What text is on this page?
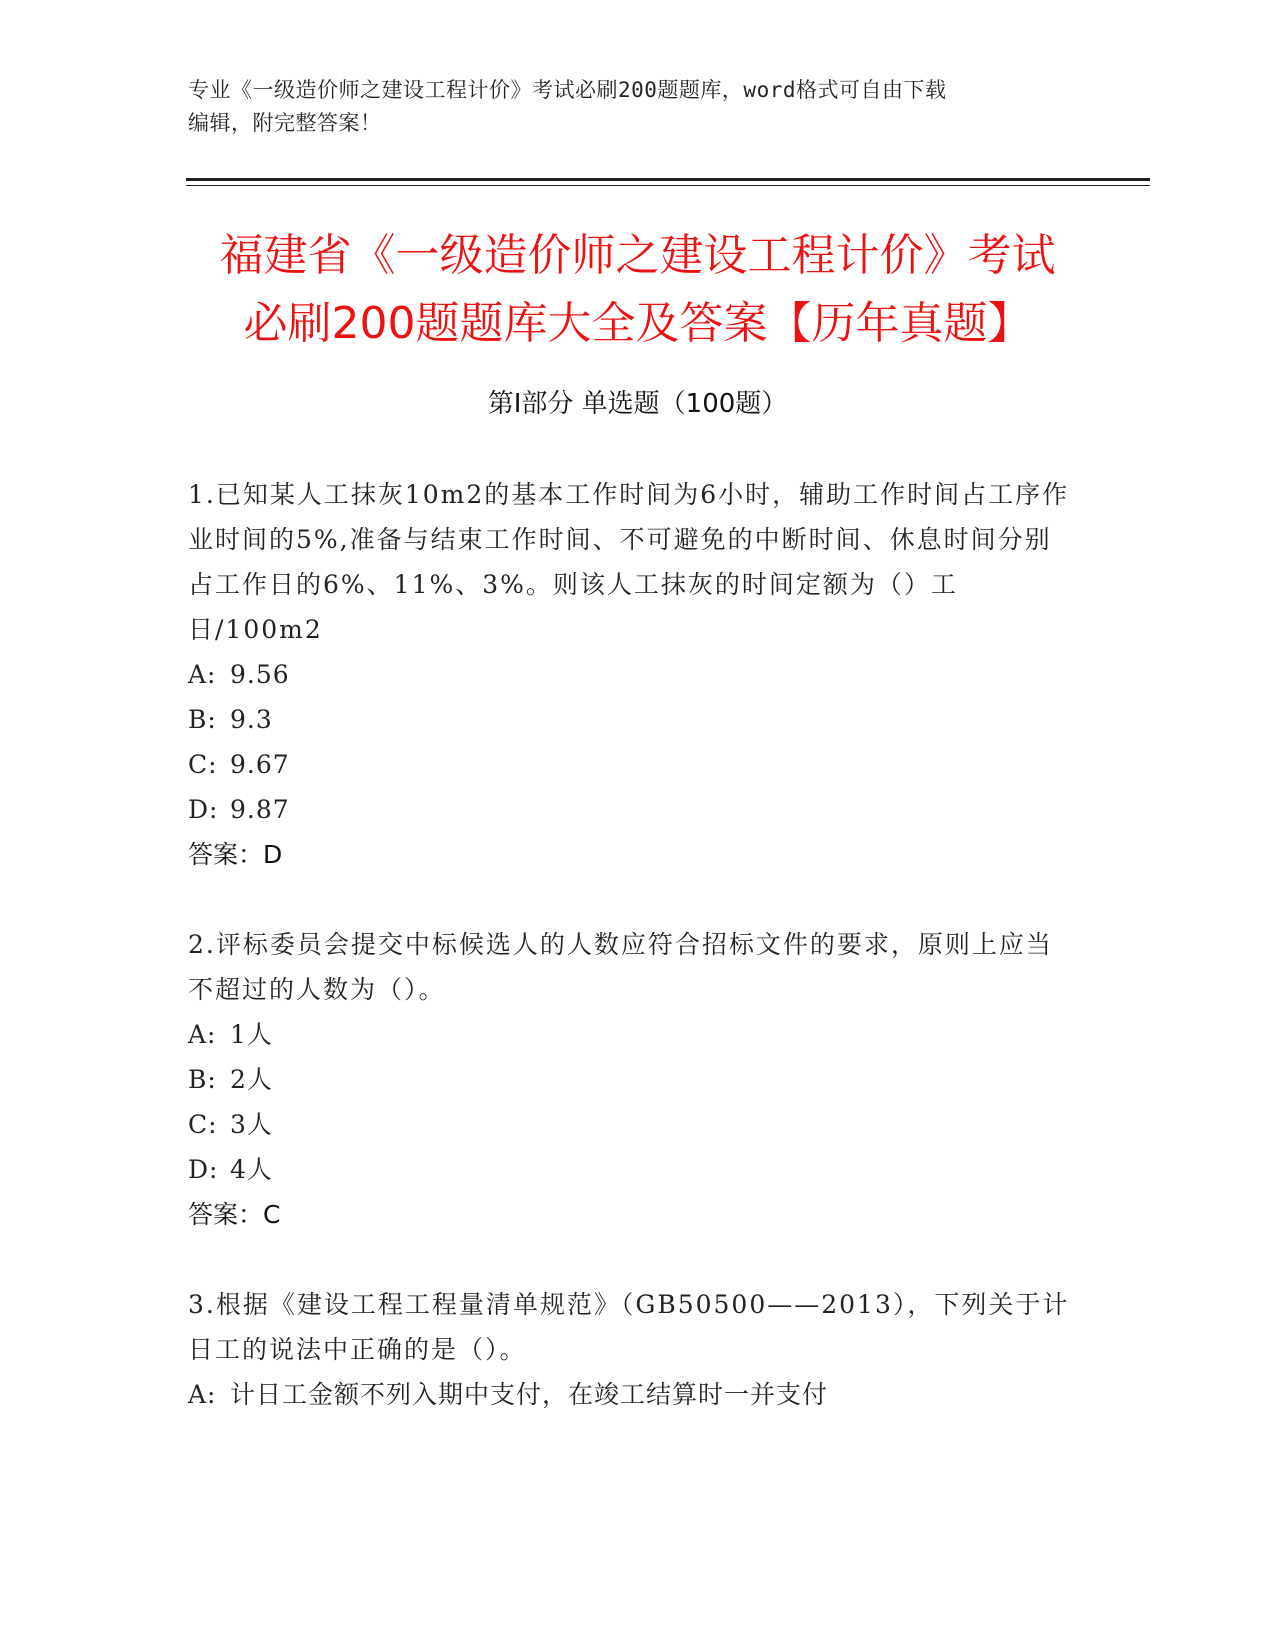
专业《一级造价师之建设工程计价》考试必刷200题题库，word格式可自由下载
编辑，附完整答案！
福建省《一级造价师之建设工程计价》考试
必刷200题题库大全及答案【历年真题】
第Ⅰ部分 单选题（100题）

1.已知某人工抹灰10m2的基本工作时间为6小时，辅助工作时间占工序作业时间的5%,准备与结束工作时间、不可避免的中断时间、休息时间分别占工作日的6%、11%、3%。则该人工抹灰的时间定额为（）工日/100m2

A: 9.56

B: 9.3

C: 9.67

D: 9.87

答案：D

2.评标委员会提交中标候选人的人数应符合招标文件的要求，原则上应当不超过的人数为（）。

A: 1人

B: 2人

C: 3人

D: 4人

答案：C

3.根据《建设工程工程量清单规范》（GB50500——2013），下列关于计日工的说法中正确的是（）。

A: 计日工金额不列入期中支付，在竣工结算时一并支付
